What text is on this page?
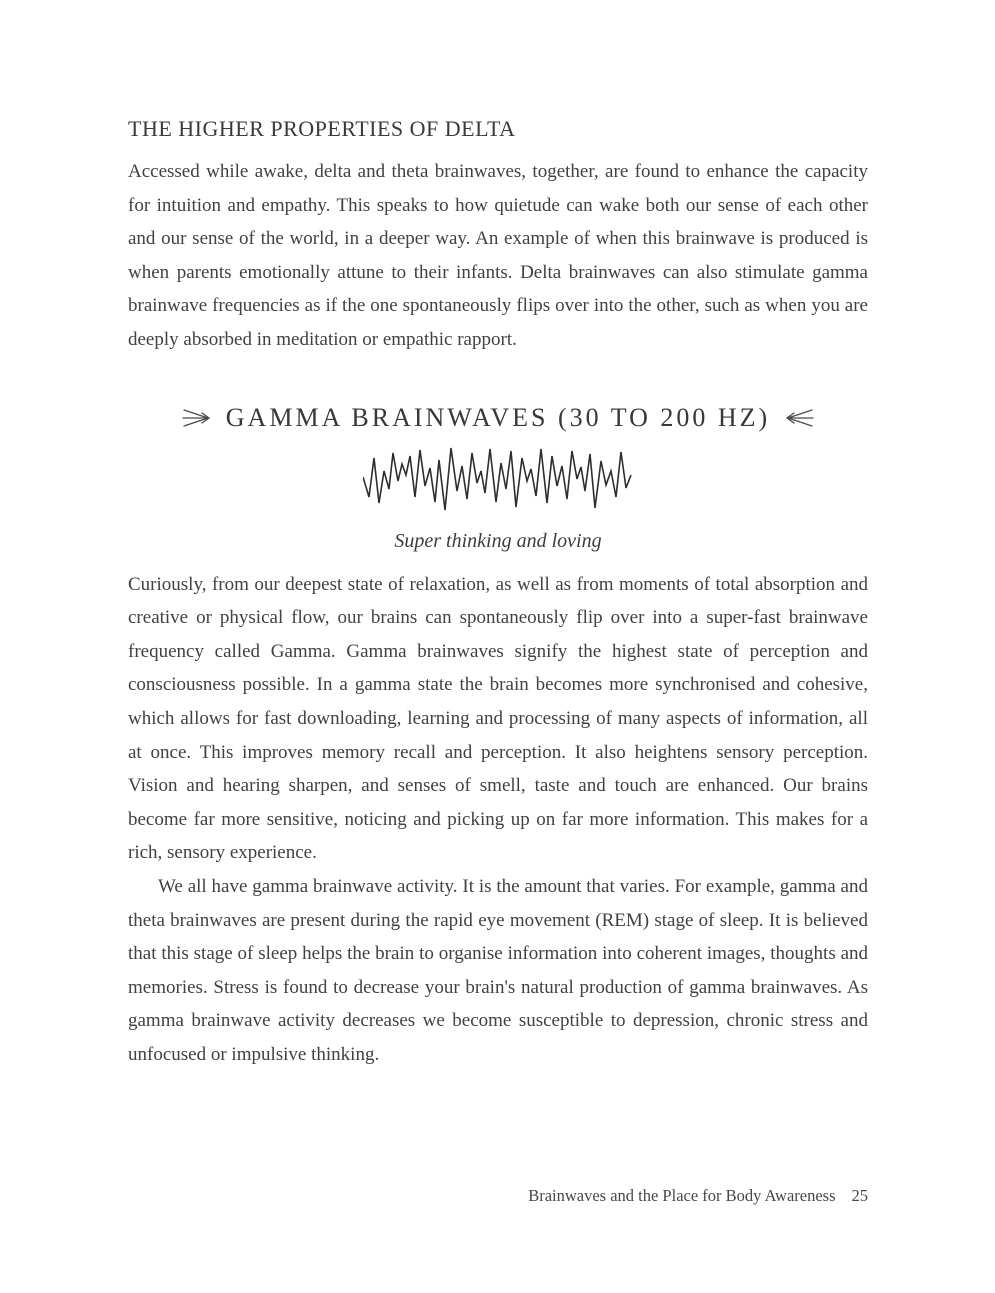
THE HIGHER PROPERTIES OF DELTA

Accessed while awake, delta and theta brainwaves, together, are found to enhance the capacity for intuition and empathy. This speaks to how quietude can wake both our sense of each other and our sense of the world, in a deeper way. An example of when this brainwave is produced is when parents emotionally attune to their infants. Delta brainwaves can also stimulate gamma brainwave frequencies as if the one spontaneously flips over into the other, such as when you are deeply absorbed in meditation or empathic rapport.

GAMMA BRAINWAVES (30 TO 200 HZ)
Super thinking and loving

Curiously, from our deepest state of relaxation, as well as from moments of total absorption and creative or physical flow, our brains can spontaneously flip over into a super-fast brainwave frequency called Gamma. Gamma brainwaves signify the highest state of perception and consciousness possible. In a gamma state the brain becomes more synchronised and cohesive, which allows for fast downloading, learning and processing of many aspects of information, all at once. This improves memory recall and perception. It also heightens sensory perception. Vision and hearing sharpen, and senses of smell, taste and touch are enhanced. Our brains become far more sensitive, noticing and picking up on far more information. This makes for a rich, sensory experience.

We all have gamma brainwave activity. It is the amount that varies. For example, gamma and theta brainwaves are present during the rapid eye movement (REM) stage of sleep. It is believed that this stage of sleep helps the brain to organise information into coherent images, thoughts and memories. Stress is found to decrease your brain's natural production of gamma brainwaves. As gamma brainwave activity decreases we become susceptible to depression, chronic stress and unfocused or impulsive thinking.

Brainwaves and the Place for Body Awareness 25
